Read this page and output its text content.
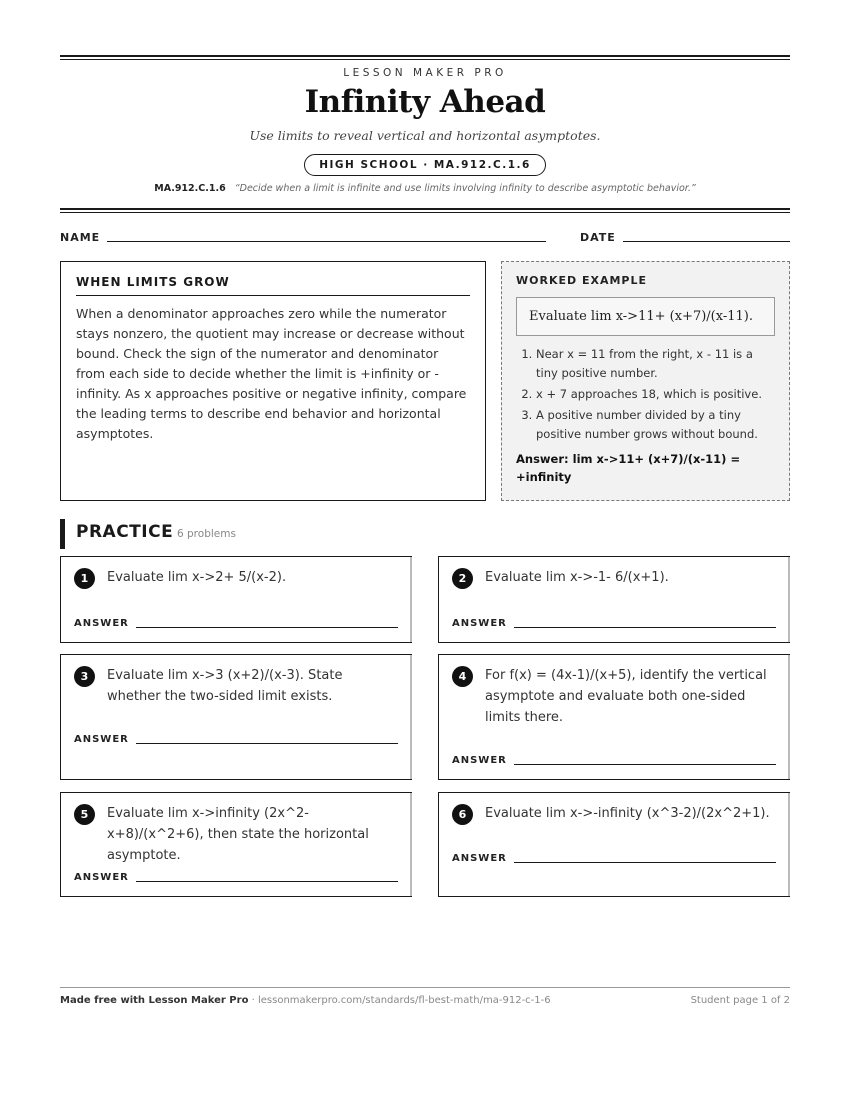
LESSON MAKER PRO
Infinity Ahead
Use limits to reveal vertical and horizontal asymptotes.
HIGH SCHOOL · MA.912.C.1.6
MA.912.C.1.6 “Decide when a limit is infinite and use limits involving infinity to describe asymptotic behavior.”
NAME	DATE
WHEN LIMITS GROW
When a denominator approaches zero while the numerator stays nonzero, the quotient may increase or decrease without bound. Check the sign of the numerator and denominator from each side to decide whether the limit is +infinity or -infinity. As x approaches positive or negative infinity, compare the leading terms to describe end behavior and horizontal asymptotes.
WORKED EXAMPLE
Evaluate lim x->11+ (x+7)/(x-11).
1. Near x = 11 from the right, x - 11 is a tiny positive number.
2. x + 7 approaches 18, which is positive.
3. A positive number divided by a tiny positive number grows without bound.
Answer: lim x->11+ (x+7)/(x-11) = +infinity
PRACTICE 6 problems
1	Evaluate lim x->2+ 5/(x-2).
ANSWER
2	Evaluate lim x->-1- 6/(x+1).
ANSWER
3	Evaluate lim x->3 (x+2)/(x-3). State whether the two-sided limit exists.
ANSWER
4	For f(x) = (4x-1)/(x+5), identify the vertical asymptote and evaluate both one-sided limits there.
ANSWER
5	Evaluate lim x->infinity (2x^2-x+8)/(x^2+6), then state the horizontal asymptote.
ANSWER
6	Evaluate lim x->-infinity (x^3-2)/(2x^2+1).
ANSWER
Made free with Lesson Maker Pro · lessonmakerpro.com/standards/fl-best-math/ma-912-c-1-6	Student page 1 of 2
